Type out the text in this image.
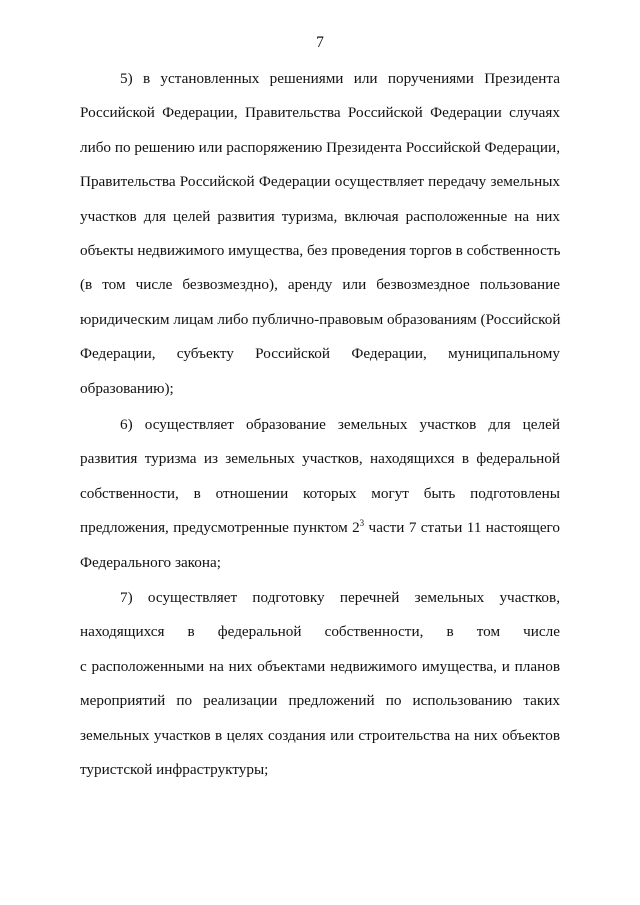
7
5) в установленных решениями или поручениями Президента
Российской Федерации, Правительства Российской Федерации случаях
либо по решению или распоряжению Президента Российской Федерации,
Правительства Российской Федерации осуществляет передачу земельных
участков для целей развития туризма, включая расположенные на них
объекты недвижимого имущества, без проведения торгов в собственность
(в том числе безвозмездно), аренду или безвозмездное пользование
юридическим лицам либо публично-правовым образованиям (Российской
Федерации, субъекту Российской Федерации, муниципальному
образованию);
6) осуществляет образование земельных участков для целей
развития туризма из земельных участков, находящихся в федеральной
собственности, в отношении которых могут быть подготовлены
предложения, предусмотренные пунктом $2^3$ части 7 статьи 11 настоящего
Федерального закона;
7) осуществляет подготовку перечней земельных участков,
находящихся в федеральной собственности, в том числе
с расположенными на них объектами недвижимого имущества, и планов
мероприятий по реализации предложений по использованию таких
земельных участков в целях создания или строительства на них объектов
туристской инфраструктуры;
